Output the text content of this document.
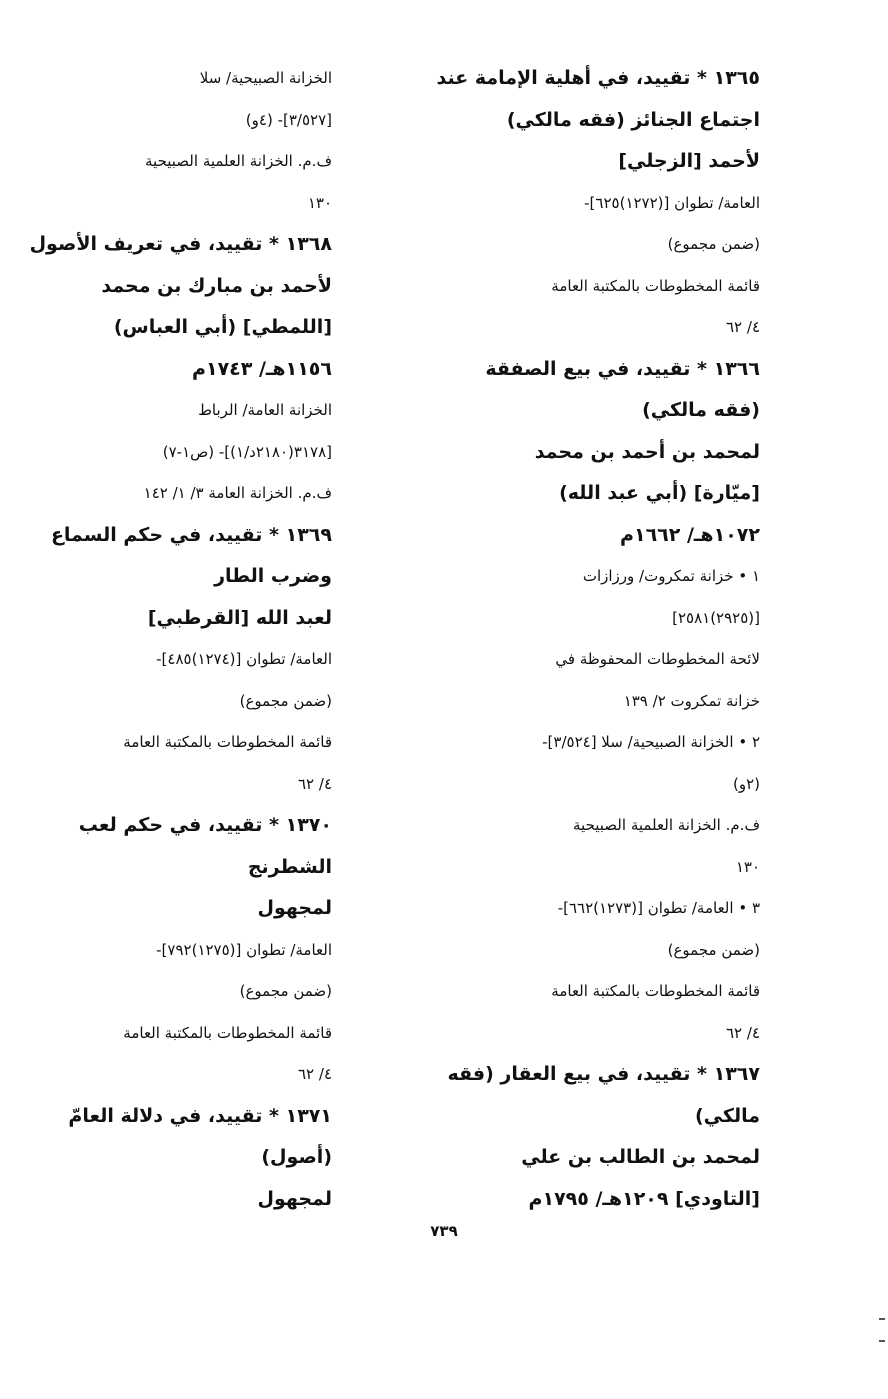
١٣٦٥ * تقييد، في أهلية الإمامة عند
اجتماع الجنائز (فقه مالكي)
لأحمد [الزجلي]
العامة/ تطوان [(١٢٧٢)٦٢٥]-
(ضمن مجموع)
قائمة المخطوطات بالمكتبة العامة
٤/ ٦٢
١٣٦٦ * تقييد، في بيع الصفقة
(فقه مالكي)
لمحمد بن أحمد بن محمد
[ميّارة] (أبي عبد الله)
١٠٧٢هـ/ ١٦٦٢م
١ • خزانة تمكروت/ ورزازات
[(٢٩٢٥)٢٥٨١]
لائحة المخطوطات المحفوظة في
خزانة تمكروت ٢/ ١٣٩
٢ • الخزانة الصبيحية/ سلا [٣/٥٢٤]-
(٢و)
ف.م. الخزانة العلمية الصبيحية
١٣٠
٣ • العامة/ تطوان [(١٢٧٣)٦٦٢]-
(ضمن مجموع)
قائمة المخطوطات بالمكتبة العامة
٤/ ٦٢
١٣٦٧ * تقييد، في بيع العقار (فقه
مالكي)
لمحمد بن الطالب بن علي
[التاودي] ١٢٠٩هـ/ ١٧٩٥م
الخزانة الصبيحية/ سلا
[٣/٥٢٧]- (٤و)
ف.م. الخزانة العلمية الصبيحية
١٣٠
١٣٦٨ * تقييد، في تعريف الأصول
لأحمد بن مبارك بن محمد
[اللمطي] (أبي العباس)
١١٥٦هـ/ ١٧٤٣م
الخزانة العامة/ الرباط
[٣١٧٨(٢١٨٠د/١)]- (ص١-٧)
ف.م. الخزانة العامة ٣/ ١/ ١٤٢
١٣٦٩ * تقييد، في حكم السماع
وضرب الطار
لعبد الله [القرطبي]
العامة/ تطوان [(١٢٧٤)٤٨٥]-
(ضمن مجموع)
قائمة المخطوطات بالمكتبة العامة
٤/ ٦٢
١٣٧٠ * تقييد، في حكم لعب
الشطرنج
لمجهول
العامة/ تطوان [(١٢٧٥)٧٩٢]-
(ضمن مجموع)
قائمة المخطوطات بالمكتبة العامة
٤/ ٦٢
١٣٧١ * تقييد، في دلالة العامّ
(أصول)
لمجهول
٧٣٩
